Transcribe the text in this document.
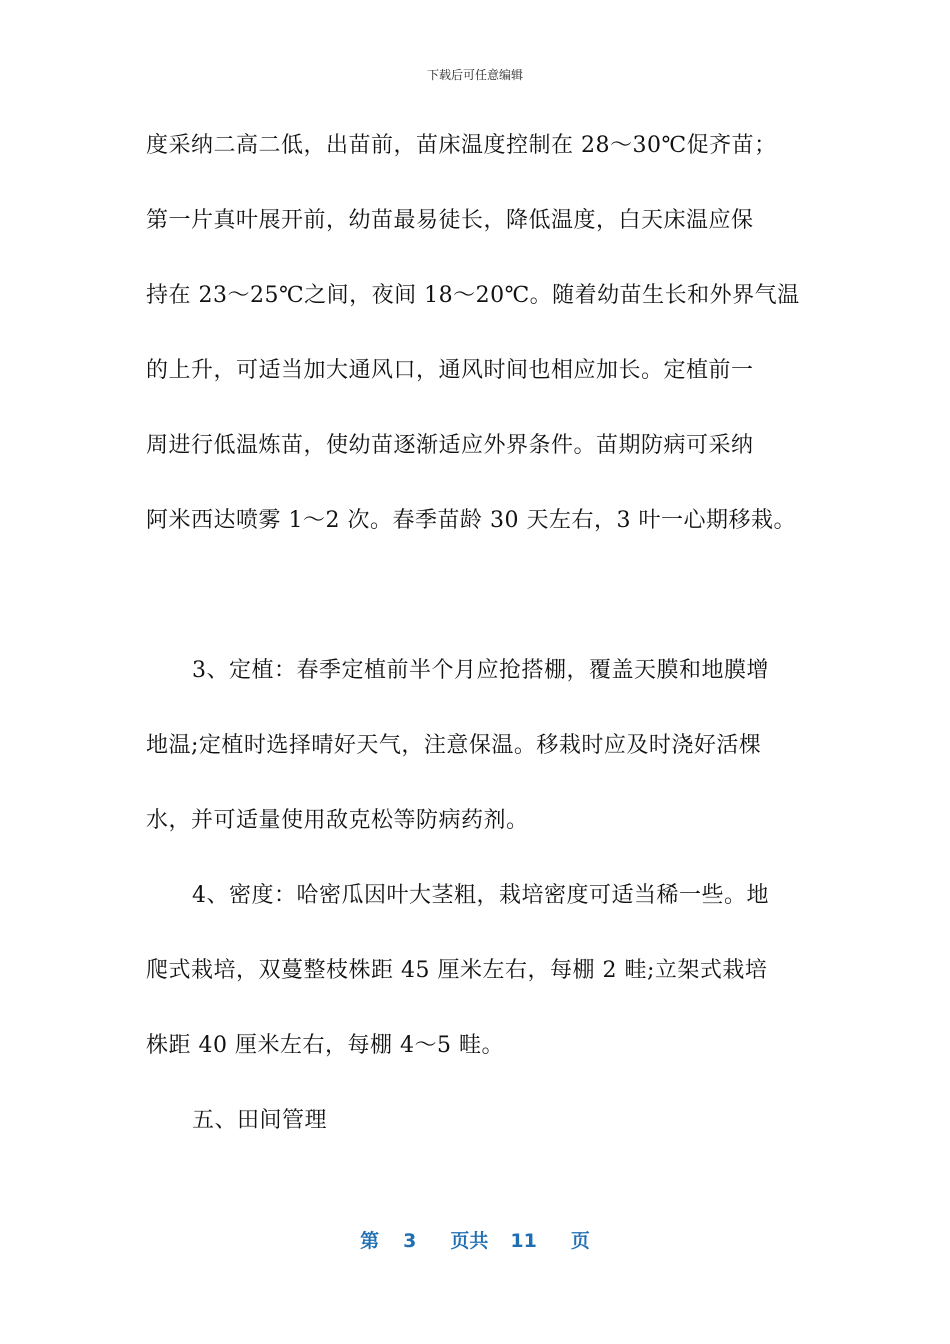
下载后可任意编辑
度采纳二高二低，出苗前，苗床温度控制在 28～30℃促齐苗；
第一片真叶展开前，幼苗最易徒长，降低温度，白天床温应保
持在 23～25℃之间，夜间 18～20℃。随着幼苗生长和外界气温
的上升，可适当加大通风口，通风时间也相应加长。定植前一
周进行低温炼苗，使幼苗逐渐适应外界条件。苗期防病可采纳
阿米西达喷雾 1～2 次。春季苗龄 30 天左右，3 叶一心期移栽。
3、定植：春季定植前半个月应抢搭棚，覆盖天膜和地膜增
地温;定植时选择晴好天气，注意保温。移栽时应及时浇好活棵
水，并可适量使用敌克松等防病药剂。
4、密度：哈密瓜因叶大茎粗，栽培密度可适当稀一些。地
爬式栽培，双蔓整枝株距 45 厘米左右，每棚 2 畦;立架式栽培
株距 40 厘米左右，每棚 4～5 畦。
五、田间管理
第 3 页共 11 页
